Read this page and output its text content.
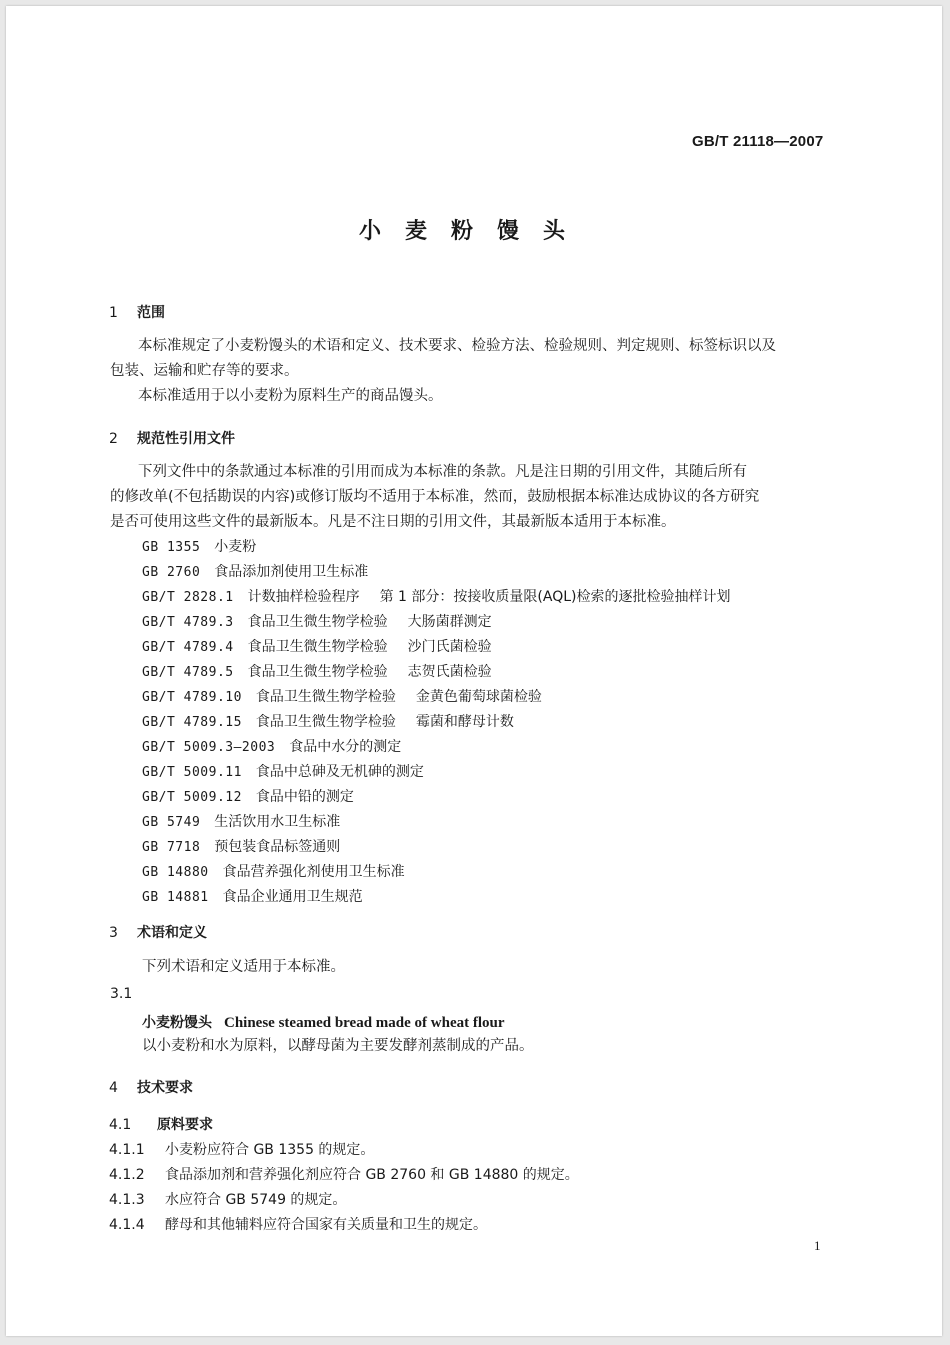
GB/T 21118—2007
小麦粉馒头
1 范围
本标准规定了小麦粉馒头的术语和定义、技术要求、检验方法、检验规则、判定规则、标签标识以及
包装、运输和贮存等的要求。
本标准适用于以小麦粉为原料生产的商品馒头。
2 规范性引用文件
下列文件中的条款通过本标准的引用而成为本标准的条款。凡是注日期的引用文件，其随后所有
的修改单(不包括勘误的内容)或修订版均不适用于本标准，然而，鼓励根据本标准达成协议的各方研究
是否可使用这些文件的最新版本。凡是不注日期的引用文件，其最新版本适用于本标准。
GB 1355 小麦粉
GB 2760 食品添加剂使用卫生标准
GB/T 2828.1 计数抽样检验程序 第 1 部分：按接收质量限(AQL)检索的逐批检验抽样计划
GB/T 4789.3 食品卫生微生物学检验 大肠菌群测定
GB/T 4789.4 食品卫生微生物学检验 沙门氏菌检验
GB/T 4789.5 食品卫生微生物学检验 志贺氏菌检验
GB/T 4789.10 食品卫生微生物学检验 金黄色葡萄球菌检验
GB/T 4789.15 食品卫生微生物学检验 霉菌和酵母计数
GB/T 5009.3—2003 食品中水分的测定
GB/T 5009.11 食品中总砷及无机砷的测定
GB/T 5009.12 食品中铅的测定
GB 5749 生活饮用水卫生标准
GB 7718 预包装食品标签通则
GB 14880 食品营养强化剂使用卫生标准
GB 14881 食品企业通用卫生规范
3 术语和定义
下列术语和定义适用于本标准。
3.1
小麦粉馒头 Chinese steamed bread made of wheat flour
以小麦粉和水为原料，以酵母菌为主要发酵剂蒸制成的产品。
4 技术要求
4.1 原料要求
4.1.1 小麦粉应符合 GB 1355 的规定。
4.1.2 食品添加剂和营养强化剂应符合 GB 2760 和 GB 14880 的规定。
4.1.3 水应符合 GB 5749 的规定。
4.1.4 酵母和其他辅料应符合国家有关质量和卫生的规定。
1
